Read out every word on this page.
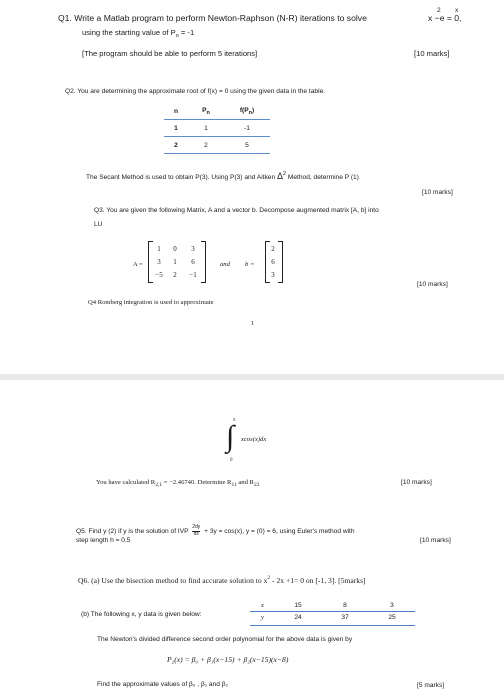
Q1. Write a Matlab program to perform Newton-Raphson (N-R) iterations to solve
2 x
x −e = 0,
using the starting value of $P_o = -1$
[The program should be able to perform 5 iterations]	[10 marks]
Q2. You are determining the approximate root of f(x) = 0 using the given data in the table.
n	$P_n$	$f(P_n)$
1	1	-1
2	2	5
The Secant Method is used to obtain P(3). Using P(3) and Aitken $\Delta^2$ Method, determine P (1)
[10 marks]
Q3. You are given the following Matrix, A and a vector b. Decompose augmented matrix [A, b] into
LU
A =
1	0	3
3	1	6
−5	2	−1
and b =
2
6
3
[10 marks]
Q4 Romberg integration is used to approximate
1
∫
π
0
xcos(x)dx
You have calculated $R_{2,1} = -2.46740$. Determine $R_{11}$ and $R_{22}$	[10 marks]
Q5. Find y (2) if y is the solution of IVP $\frac{2dy}{dx} + 3y = \cos(x)$, y = (0) = 6, using Euler's method with
step length h = 0.5	[10 marks]
Q6. (a) Use the bisection method to find accurate solution to $x^2 - 2x +1= 0$ on [-1, 3]. [5marks]
(b) The following x, y data is given below:
x	15	8	3
y	24	37	25
The Newton's divided difference second order polynomial for the above data is given by
P₂(x) = β₀ + β₁(x−15) + β₂(x−15)(x−8)
Find the approximate values of β₀ , β₁ and β₂	[5 marks]
